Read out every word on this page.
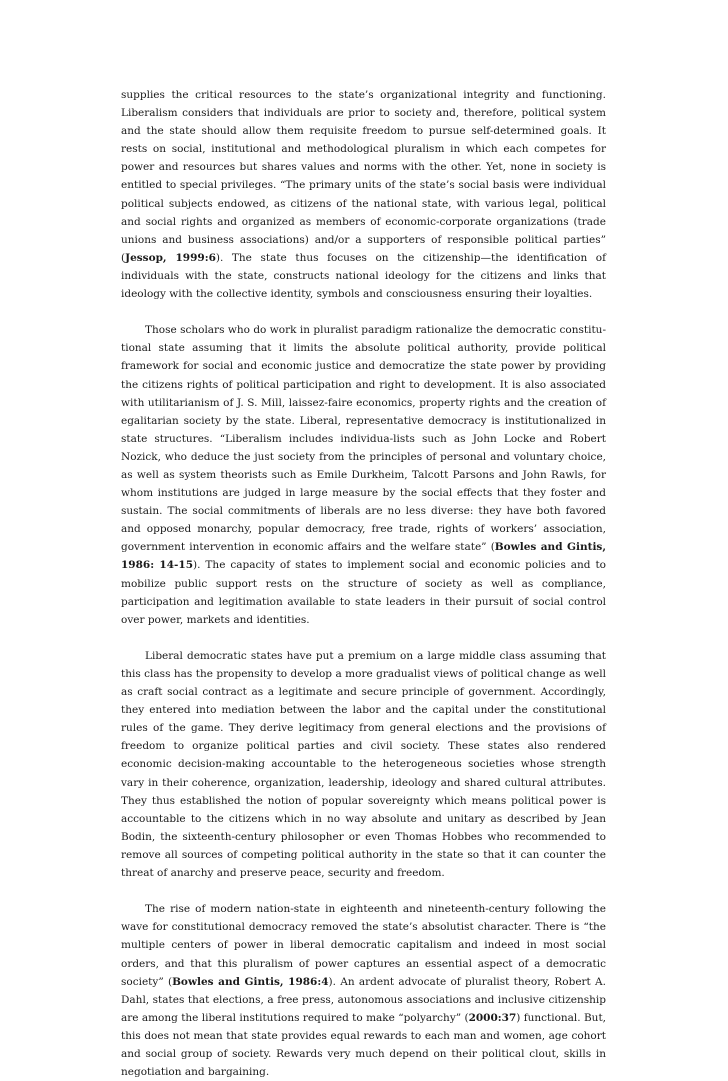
supplies the critical resources to the state’s organizational integrity and functioning. Liberalism considers that individuals are prior to society and, therefore, political system and the state should allow them requisite freedom to pursue self-determined goals. It rests on social, institutional and methodological pluralism in which each competes for power and resources but shares values and norms with the other. Yet, none in society is entitled to special privileges. “The primary units of the state’s social basis were individual political subjects endowed, as citizens of the national state, with various legal, political and social rights and organized as members of economic-corporate organizations (trade unions and business associations) and/or a supporters of responsible political parties” (Jessop, 1999:6). The state thus focuses on the citizenship—the identification of individuals with the state, constructs national ideology for the citizens and links that ideology with the collective identity, symbols and consciousness ensuring their loyalties.

Those scholars who do work in pluralist paradigm rationalize the democratic constitu-tional state assuming that it limits the absolute political authority, provide political framework for social and economic justice and democratize the state power by providing the citizens rights of political participation and right to development. It is also associated with utilitarianism of J. S. Mill, laissez-faire economics, property rights and the creation of egalitarian society by the state. Liberal, representative democracy is institutionalized in state structures. “Liberalism includes individua-lists such as John Locke and Robert Nozick, who deduce the just society from the principles of personal and voluntary choice, as well as system theorists such as Emile Durkheim, Talcott Parsons and John Rawls, for whom institutions are judged in large measure by the social effects that they foster and sustain. The social commitments of liberals are no less diverse: they have both favored and opposed monarchy, popular democracy, free trade, rights of workers’ association, government intervention in economic affairs and the welfare state” (Bowles and Gintis, 1986: 14-15). The capacity of states to implement social and economic policies and to mobilize public support rests on the structure of society as well as compliance, participation and legitimation available to state leaders in their pursuit of social control over power, markets and identities.

Liberal democratic states have put a premium on a large middle class assuming that this class has the propensity to develop a more gradualist views of political change as well as craft social contract as a legitimate and secure principle of government. Accordingly, they entered into mediation between the labor and the capital under the constitutional rules of the game. They derive legitimacy from general elections and the provisions of freedom to organize political parties and civil society. These states also rendered economic decision-making accountable to the heterogeneous societies whose strength vary in their coherence, organization, leadership, ideology and shared cultural attributes. They thus established the notion of popular sovereignty which means political power is accountable to the citizens which in no way absolute and unitary as described by Jean Bodin, the sixteenth-century philosopher or even Thomas Hobbes who recommended to remove all sources of competing political authority in the state so that it can counter the threat of anarchy and preserve peace, security and freedom.

The rise of modern nation-state in eighteenth and nineteenth-century following the wave for constitutional democracy removed the state’s absolutist character. There is “the multiple centers of power in liberal democratic capitalism and indeed in most social orders, and that this pluralism of power captures an essential aspect of a democratic society” (Bowles and Gintis, 1986:4). An ardent advocate of pluralist theory, Robert A. Dahl, states that elections, a free press, autonomous associations and inclusive citizenship are among the liberal institutions required to make “polyarchy” (2000:37) functional. But, this does not mean that state provides equal rewards to each man and women, age cohort and social group of society. Rewards very much depend on their political clout, skills in negotiation and bargaining.
